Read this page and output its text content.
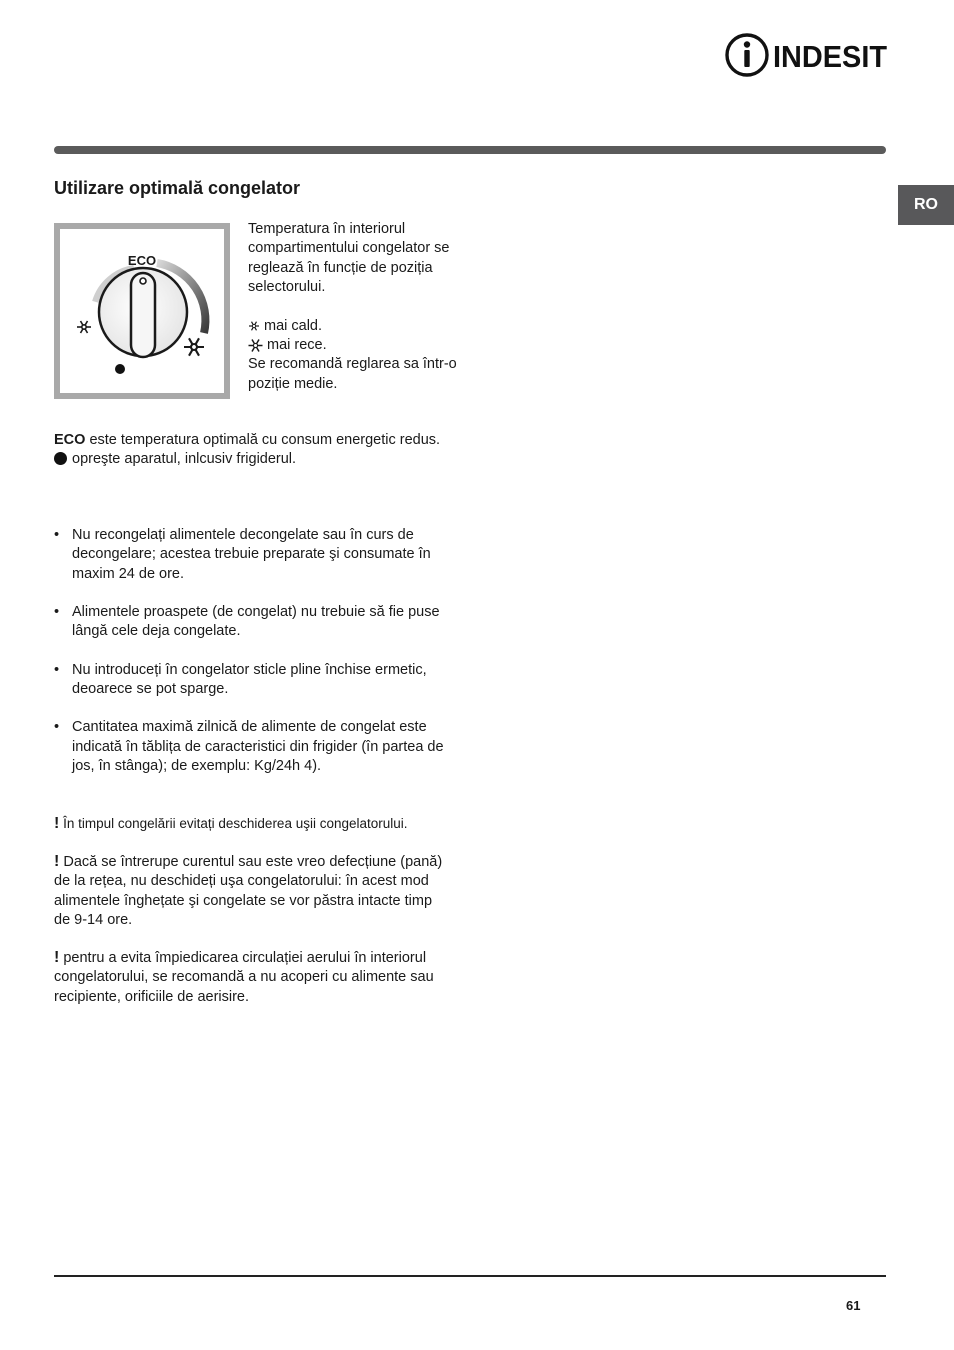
INDESIT
RO
Utilizare optimală congelator
ECO

Temperatura în interiorul compartimentului congelator se reglează în funcție de poziția selectorului.

mai cald.
mai rece.

Se recomandă reglarea sa într-o poziție medie.

ECO este temperatura optimală cu consum energetic redus.

opreşte aparatul, inlcusiv frigiderul.

• Nu recongelați alimentele decongelate sau în curs de decongelare; acestea trebuie preparate şi consumate în maxim 24 de ore.
• Alimentele proaspete (de congelat) nu trebuie să fie puse lângă cele deja congelate.
• Nu introduceți în congelator sticle pline închise ermetic, deoarece se pot sparge.
• Cantitatea maximă zilnică de alimente de congelat este indicată în tăblița de caracteristici din frigider (în partea de jos, în stânga); de exemplu: Kg/24h 4).

! În timpul congelării evitați deschiderea uşii congelatorului.

! Dacă se întrerupe curentul sau este vreo defecțiune (pană) de la rețea, nu deschideți uşa congelatorului: în acest mod alimentele înghețate şi congelate se vor păstra intacte timp de 9-14 ore.

! pentru a evita împiedicarea circulației aerului în interiorul congelatorului, se recomandă a nu acoperi cu alimente sau recipiente, orificiile de aerisire.

61
